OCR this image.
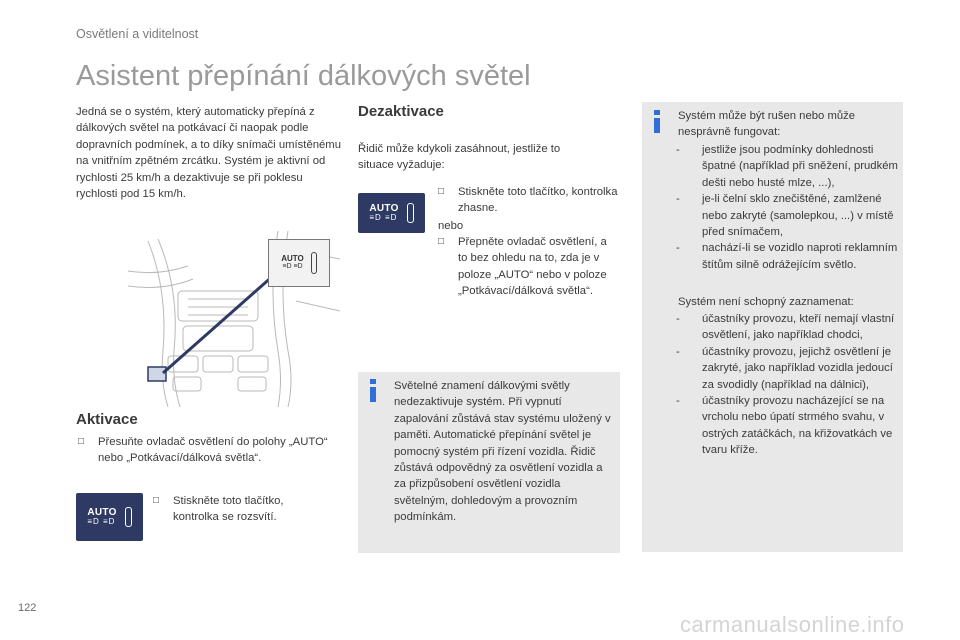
Osvětlení a viditelnost
Asistent přepínání dálkových světel
Jedná se o systém, který automaticky přepíná z dálkových světel na potkávací či naopak podle dopravních podmínek, a to díky snímači umístěnému na vnitřním zpětném zrcátku. Systém je aktivní od rychlosti 25 km/h a dezaktivuje se při poklesu rychlosti pod 15 km/h.
AUTO
≡D ≡D
Aktivace
□	Přesuňte ovladač osvětlení do polohy „AUTO“ nebo „Potkávací/dálková světla“.
AUTO
≡D ≡D
□	Stiskněte toto tlačítko, kontrolka se rozsvítí.
Dezaktivace
Řidič může kdykoli zasáhnout, jestliže to situace vyžaduje:
AUTO
≡D ≡D
□	Stiskněte toto tlačítko, kontrolka zhasne.
nebo
□	Přepněte ovladač osvětlení, a to bez ohledu na to, zda je v poloze „AUTO“ nebo v poloze „Potkávací/dálková světla“.
Světelné znamení dálkovými světly nedezaktivuje systém. Při vypnutí zapalování zůstává stav systému uložený v paměti. Automatické přepínání světel je pomocný systém při řízení vozidla. Řidič zůstává odpovědný za osvětlení vozidla a za přizpůsobení osvětlení vozidla světelným, dohledovým a provozním podmínkám.
Systém může být rušen nebo může nesprávně fungovat:
-	jestliže jsou podmínky dohlednosti špatné (například při sněžení, prudkém dešti nebo husté mlze, ...),
-	je-li čelní sklo znečištěné, zamlžené nebo zakryté (samolepkou, ...) v místě před snímačem,
-	nachází-li se vozidlo naproti reklamním štítům silně odrážejícím světlo.
Systém není schopný zaznamenat:
-	účastníky provozu, kteří nemají vlastní osvětlení, jako například chodci,
-	účastníky provozu, jejichž osvětlení je zakryté, jako například vozidla jedoucí za svodidly (například na dálnici),
-	účastníky provozu nacházející se na vrcholu nebo úpatí strmého svahu, v ostrých zatáčkách, na křižovatkách ve tvaru kříže.
122
carmanualsonline.info
